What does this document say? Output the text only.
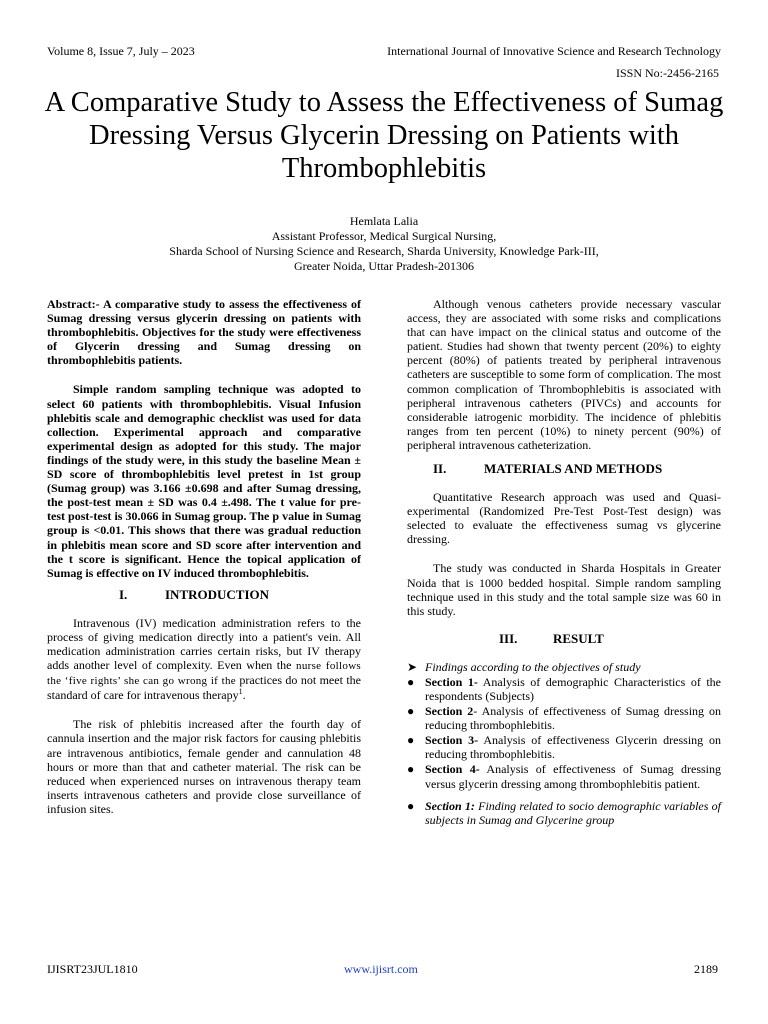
Volume 8, Issue 7, July – 2023	International Journal of Innovative Science and Research Technology
ISSN No:-2456-2165
A Comparative Study to Assess the Effectiveness of Sumag Dressing Versus Glycerin Dressing on Patients with Thrombophlebitis
Hemlata Lalia
Assistant Professor, Medical Surgical Nursing,
Sharda School of Nursing Science and Research, Sharda University, Knowledge Park-III,
Greater Noida, Uttar Pradesh-201306

Abstract:- A comparative study to assess the effectiveness of Sumag dressing versus glycerin dressing on patients with thrombophlebitis. Objectives for the study were effectiveness of Glycerin dressing and Sumag dressing on thrombophlebitis patients.

Simple random sampling technique was adopted to select 60 patients with thrombophlebitis. Visual Infusion phlebitis scale and demographic checklist was used for data collection. Experimental approach and comparative experimental design as adopted for this study. The major findings of the study were, in this study the baseline Mean ± SD score of thrombophlebitis level pretest in 1st group (Sumag group) was 3.166 ±0.698 and after Sumag dressing, the post-test mean ± SD was 0.4 ±.498. The t value for pre-test post-test is 30.066 in Sumag group. The p value in Sumag group is <0.01. This shows that there was gradual reduction in phlebitis mean score and SD score after intervention and the t score is significant. Hence the topical application of Sumag is effective on IV induced thrombophlebitis.

I.	INTRODUCTION

Intravenous (IV) medication administration refers to the process of giving medication directly into a patient's vein. All medication administration carries certain risks, but IV therapy adds another level of complexity. Even when the nurse follows the ‘five rights’ she can go wrong if the practices do not meet the standard of care for intravenous therapy$^1$.

The risk of phlebitis increased after the fourth day of cannula insertion and the major risk factors for causing phlebitis are intravenous antibiotics, female gender and cannulation 48 hours or more than that and catheter material. The risk can be reduced when experienced nurses on intravenous therapy team inserts intravenous catheters and provide close surveillance of infusion sites.

Although venous catheters provide necessary vascular access, they are associated with some risks and complications that can have impact on the clinical status and outcome of the patient. Studies had shown that twenty percent (20%) to eighty percent (80%) of patients treated by peripheral intravenous catheters are susceptible to some form of complication. The most common complication of Thrombophlebitis is associated with peripheral intravenous catheters (PIVCs) and accounts for considerable iatrogenic morbidity. The incidence of phlebitis ranges from ten percent (10%) to ninety percent (90%) of peripheral intravenous catheterization.

II.	MATERIALS AND METHODS

Quantitative Research approach was used and Quasi-experimental (Randomized Pre-Test Post-Test design) was selected to evaluate the effectiveness sumag vs glycerine dressing.

The study was conducted in Sharda Hospitals in Greater Noida that is 1000 bedded hospital. Simple random sampling technique used in this study and the total sample size was 60 in this study.

III.	RESULT
➤ Findings according to the objectives of study
● Section 1- Analysis of demographic Characteristics of the respondents (Subjects)
● Section 2- Analysis of effectiveness of Sumag dressing on reducing thrombophlebitis.
● Section 3- Analysis of effectiveness Glycerin dressing on reducing thrombophlebitis.
● Section 4- Analysis of effectiveness of Sumag dressing versus glycerin dressing among thrombophlebitis patient.
● Section 1: Finding related to socio demographic variables of subjects in Sumag and Glycerine group
IJISRT23JUL1810	www.ijisrt.com	2189
